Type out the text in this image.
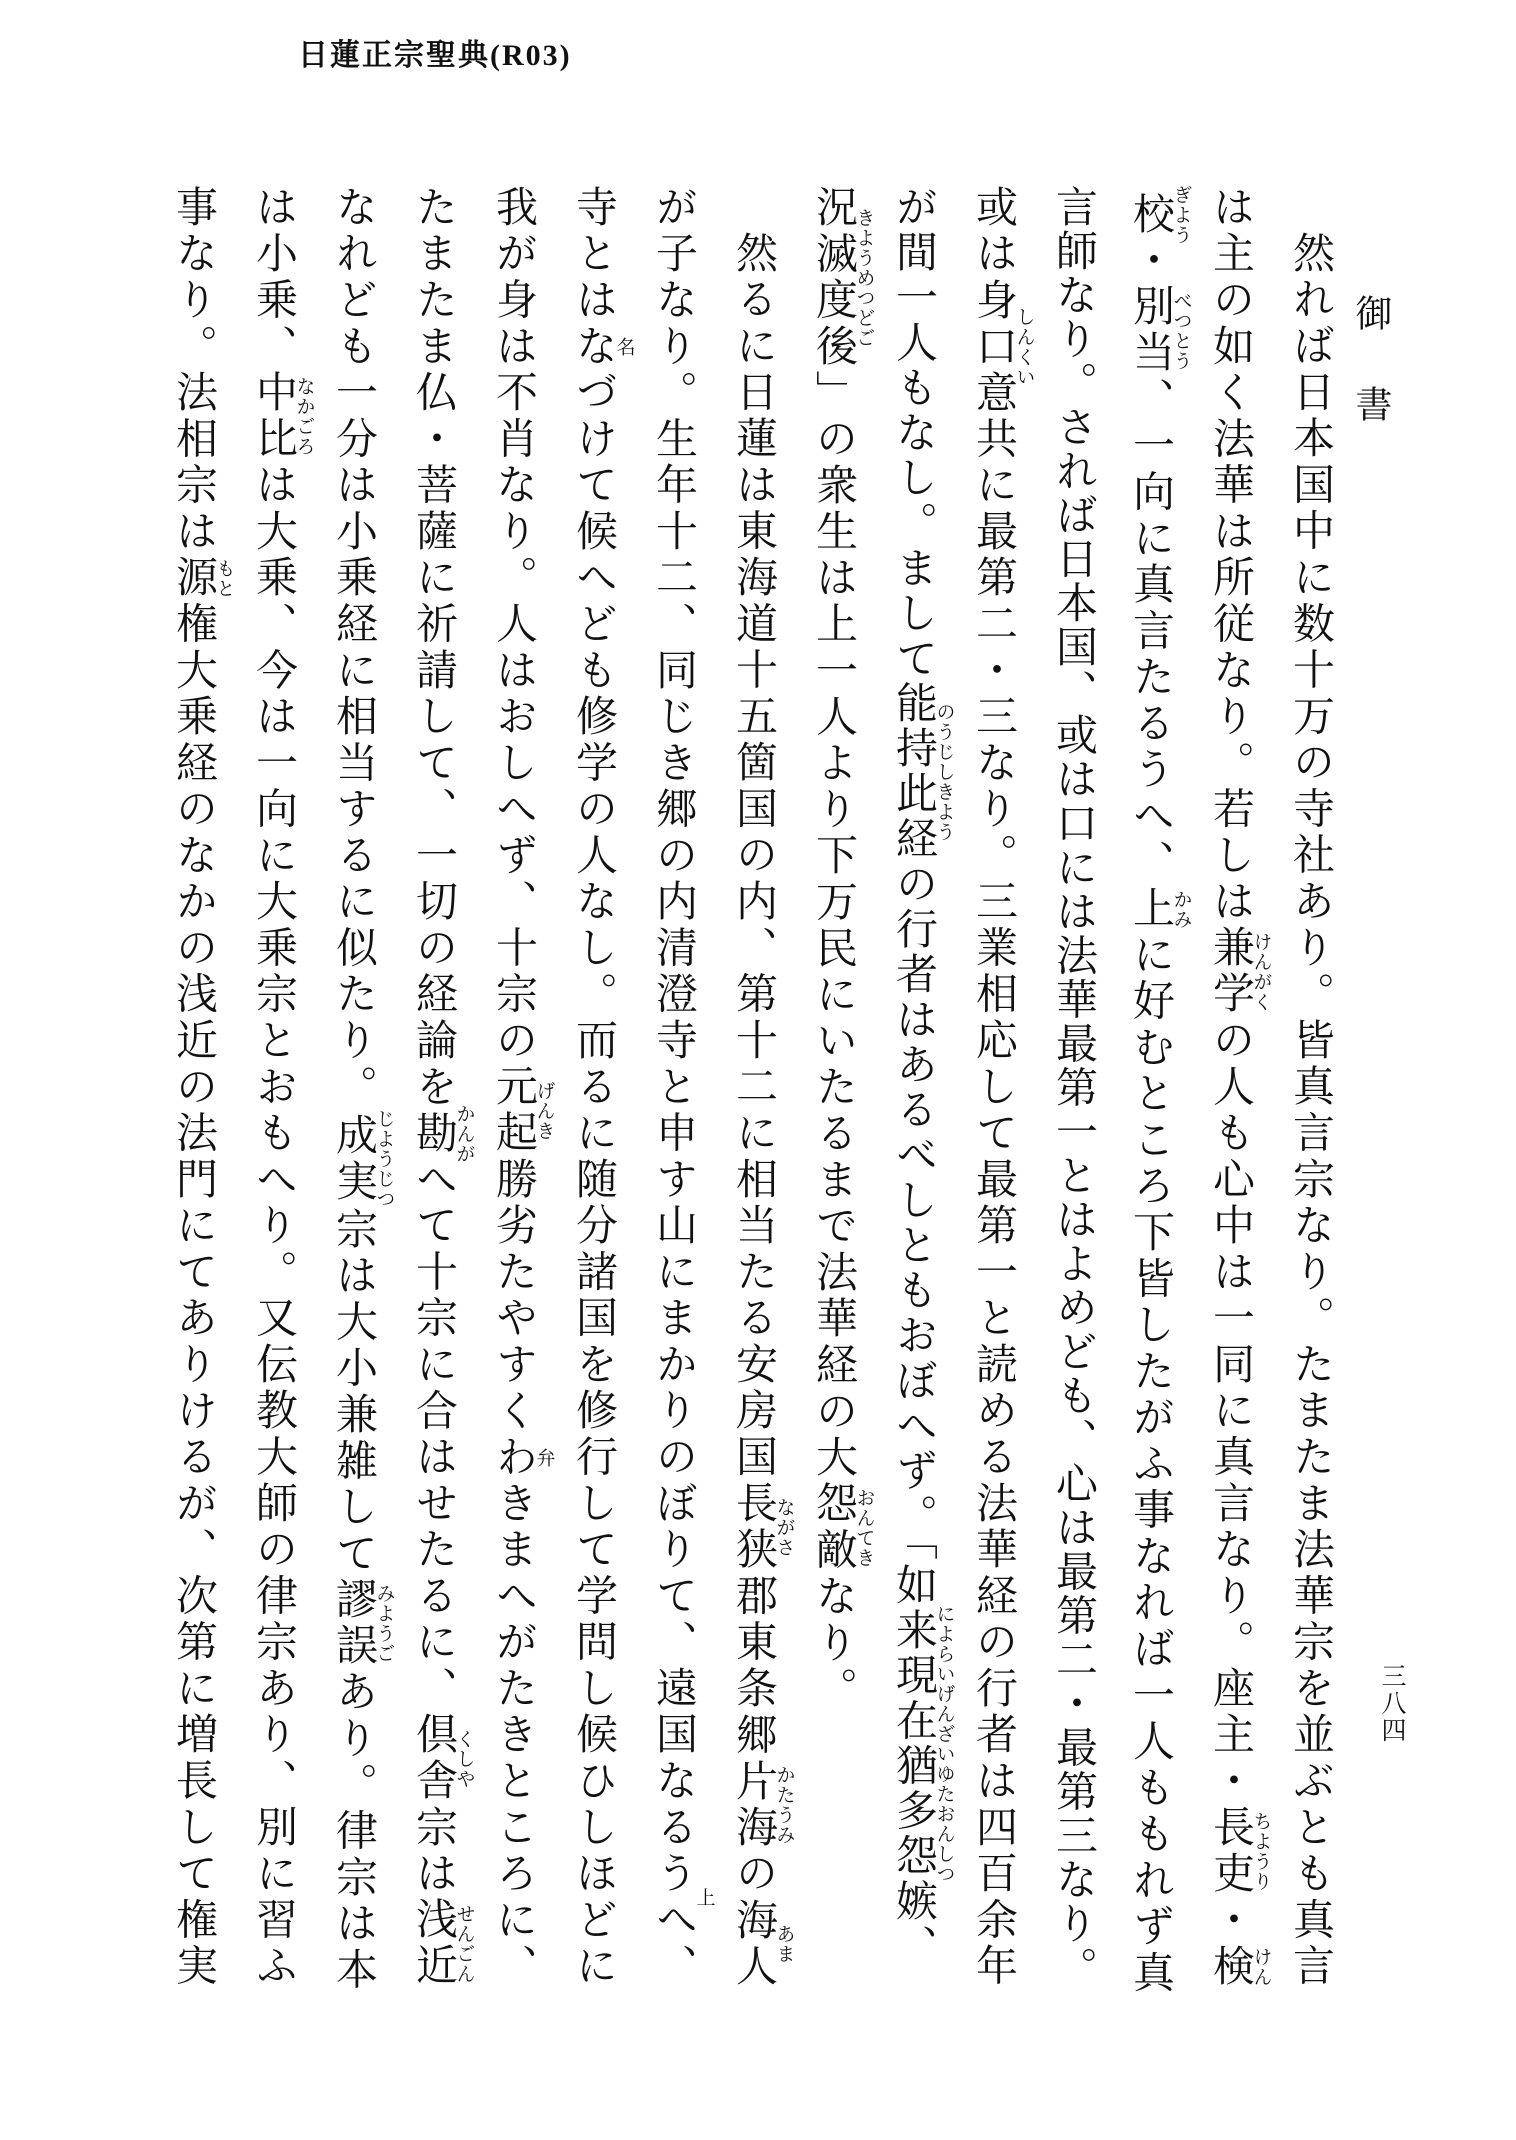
日蓮正宗聖典(R03)
御書
三八四
然れば日本国中に数十万の寺社あり。皆真言宗なり。たまたま法華宗を並ぶとも真言
は主の如く法華は所従なり。若しは兼学けんがくの人も心中は一同に真言なり。座主・長吏ちようり・検けん
校ぎよう・別当べつとう、一向に真言たるうへ、上かみに好むところ下皆したがふ事なれば一人ももれず真
言師なり。されば日本国、或は口には法華最第一とはよめども、心は最第二・最第三なり。
或は身口意しんくい共に最第二・三なり。三業相応して最第一と読める法華経の行者は四百余年
が間一人もなし。まして能持此経のうじしきようの行者はあるべしともおぼへず。「如来現在猶多怨嫉によらいげんざいゆたおんしつ、
況滅度後きようめつどご」の衆生は上一人より下万民にいたるまで法華経の大怨敵おんてきなり。
然るに日蓮は東海道十五箇国の内、第十二に相当たる安房国長狭ながさ郡東条郷片海かたうみの海人あま
が子なり。生年十二、同じき郷の内清澄寺と申す山にまかりのぼりて、遠国なるうへ上、
寺とはな名づけて候へども修学の人なし。而るに随分諸国を修行して学問し候ひしほどに
我が身は不肖なり。人はおしへず、十宗の元起げんき勝劣たやすくわ弁きまへがたきところに、
たまたま仏・菩薩に祈請して、一切の経論を勘かんがへて十宗に合はせたるに、倶舎くしや宗は浅近せんごん
なれども一分は小乗経に相当するに似たり。成実じようじつ宗は大小兼雑して謬誤みようごあり。律宗は本
は小乗、中比なかごろは大乗、今は一向に大乗宗とおもへり。又伝教大師の律宗あり、別に習ふ
事なり。法相宗は源もと権大乗経のなかの浅近の法門にてありけるが、次第に増長して権実
